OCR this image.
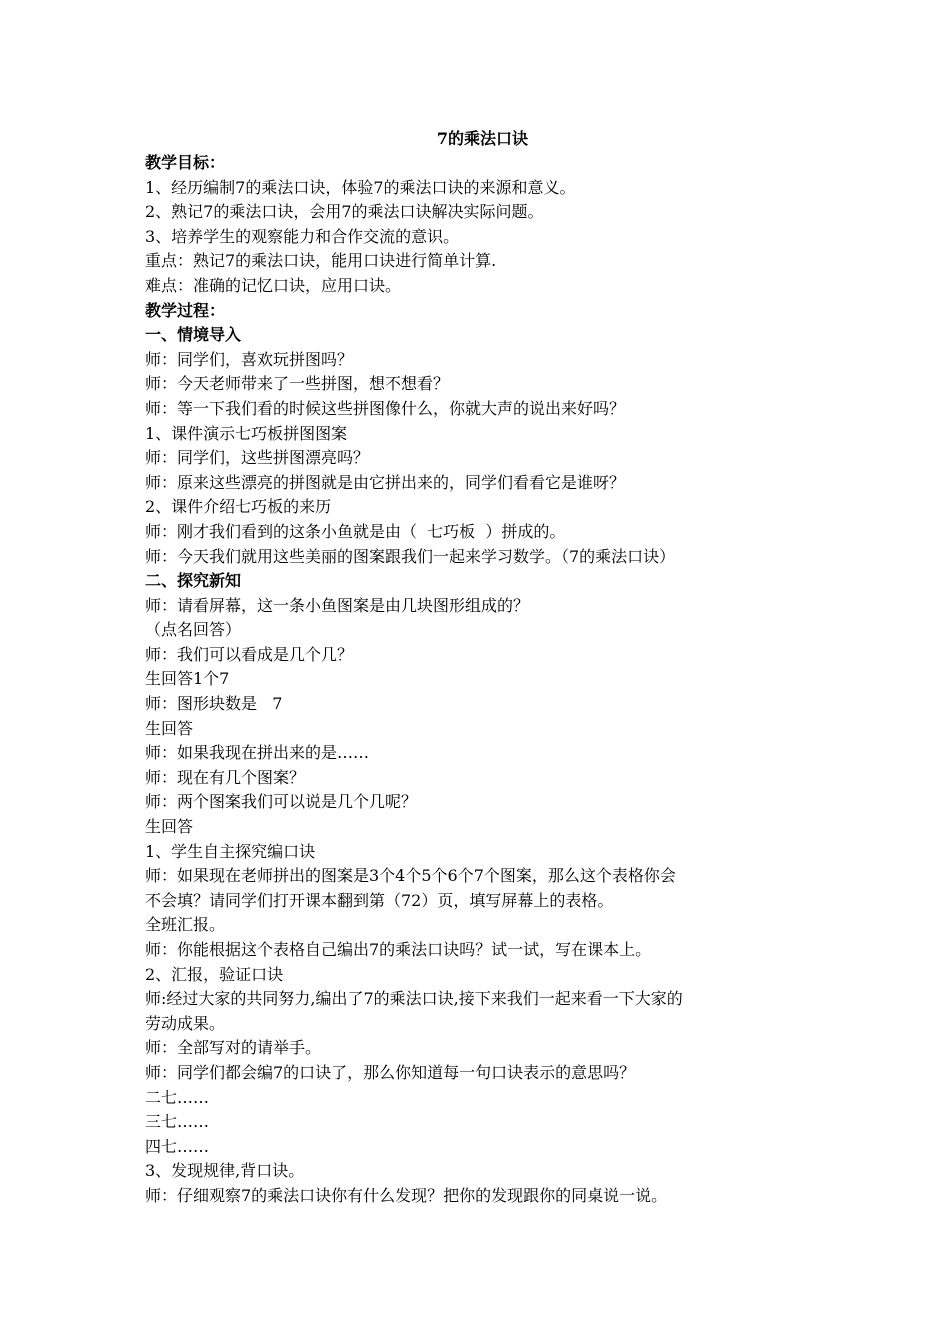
7的乘法口诀
教学目标：
1、经历编制7的乘法口诀，体验7的乘法口诀的来源和意义。
2、熟记7的乘法口诀，会用7的乘法口诀解决实际问题。
3、培养学生的观察能力和合作交流的意识。
重点：熟记7的乘法口诀，能用口诀进行简单计算.
难点：准确的记忆口诀，应用口诀。
教学过程：
一、情境导入
师：同学们，喜欢玩拼图吗？
师：今天老师带来了一些拼图，想不想看？
师：等一下我们看的时候这些拼图像什么，你就大声的说出来好吗？
1、课件演示七巧板拼图图案
师：同学们，这些拼图漂亮吗？
师：原来这些漂亮的拼图就是由它拼出来的，同学们看看它是谁呀？
2、课件介绍七巧板的来历
师：刚才我们看到的这条小鱼就是由（  七巧板  ）拼成的。
师：今天我们就用这些美丽的图案跟我们一起来学习数学。（7的乘法口诀）
二、探究新知
师：请看屏幕，这一条小鱼图案是由几块图形组成的？
（点名回答）
师：我们可以看成是几个几？
生回答1个7
师：图形块数是   7
生回答
师：如果我现在拼出来的是……
师：现在有几个图案？
师：两个图案我们可以说是几个几呢？
生回答
1、学生自主探究编口诀
师：如果现在老师拼出的图案是3个4个5个6个7个图案，那么这个表格你会
不会填？请同学们打开课本翻到第（72）页，填写屏幕上的表格。
全班汇报。
师：你能根据这个表格自己编出7的乘法口诀吗？试一试，写在课本上。
2、汇报，验证口诀
师:经过大家的共同努力,编出了7的乘法口诀,接下来我们一起来看一下大家的
劳动成果。
师：全部写对的请举手。
师：同学们都会编7的口诀了，那么你知道每一句口诀表示的意思吗？
二七……
三七……
四七……
3、发现规律,背口诀。
师：仔细观察7的乘法口诀你有什么发现？把你的发现跟你的同桌说一说。
